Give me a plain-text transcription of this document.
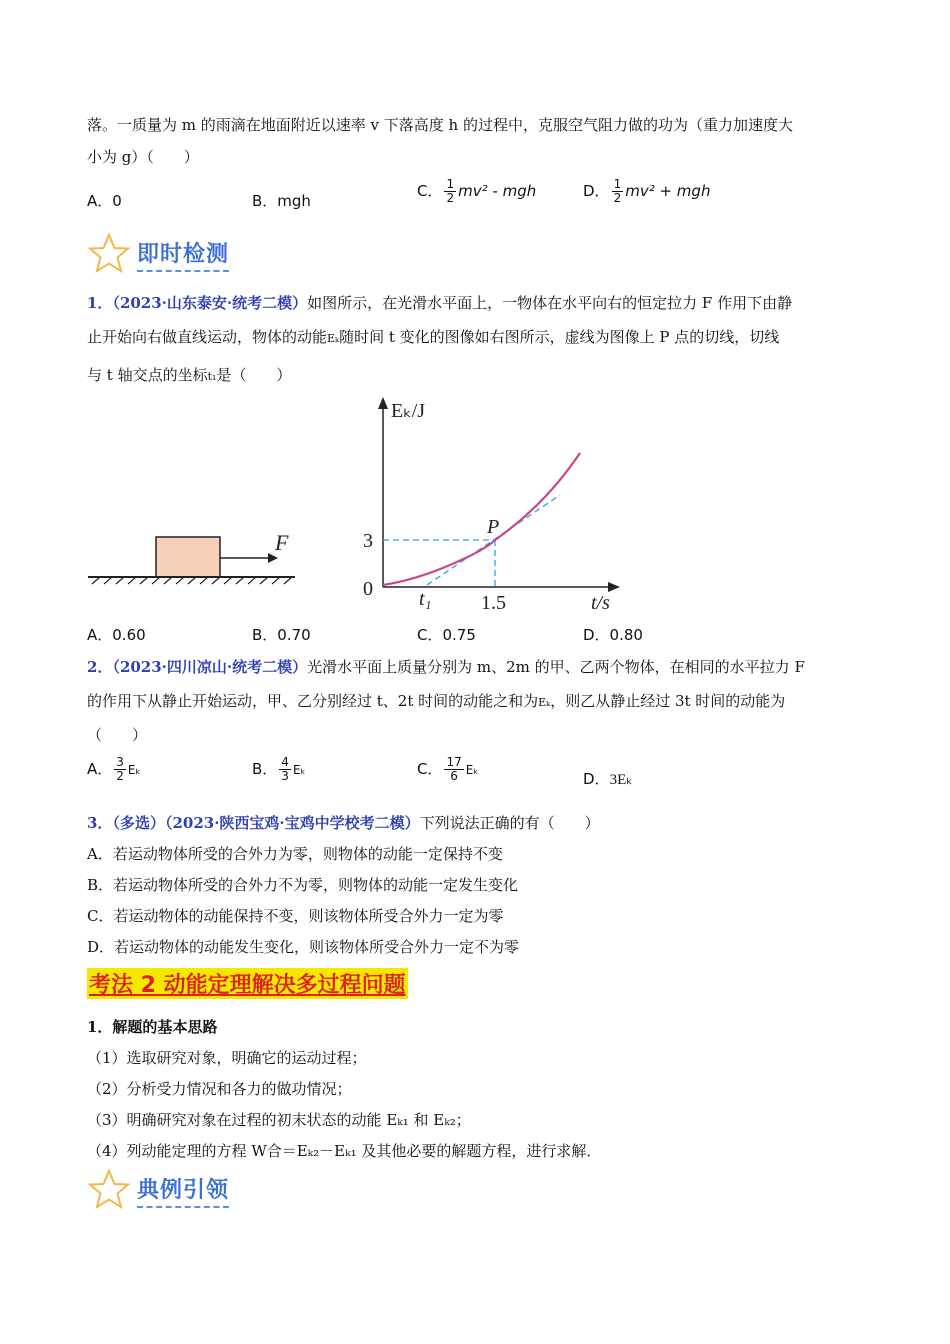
落。一质量为 m 的雨滴在地面附近以速率 v 下落高度 h 的过程中，克服空气阻力做的功为（重力加速度大
小为 g）（　　）
A．0	B．mgh
C． $\frac{1}{2} mv^2$ - mgh	D． $\frac{1}{2} mv^2$ + mgh
即时检测
1．（2023·山东泰安·统考二模）如图所示，在光滑水平面上，一物体在水平向右的恒定拉力 F 作用下由静
止开始向右做直线运动，物体的动能Eₖ随时间 t 变化的图像如右图所示，虚线为图像上 P 点的切线，切线
与 t 轴交点的坐标t₁是（　　）
F
Eₖ/J
t/s
0
3
1.5
t₁
P
A．0.60	B．0.70	C．0.75	D．0.80
2．（2023·四川凉山·统考二模）光滑水平面上质量分别为 m、2m 的甲、乙两个物体，在相同的水平拉力 F
的作用下从静止开始运动，甲、乙分别经过 t、2t 时间的动能之和为Eₖ，则乙从静止经过 3t 时间的动能为
（　　）
A． $\frac{3}{2}$ Eₖ	B． $\frac{4}{3}$ Eₖ	C． $\frac{17}{6}$ Eₖ	D．3Eₖ
3．（多选）（2023·陕西宝鸡·宝鸡中学校考二模）下列说法正确的有（　　）
A．若运动物体所受的合外力为零，则物体的动能一定保持不变
B．若运动物体所受的合外力不为零，则物体的动能一定发生变化
C．若运动物体的动能保持不变，则该物体所受合外力一定为零
D．若运动物体的动能发生变化，则该物体所受合外力一定不为零
考法 2 动能定理解决多过程问题
1．解题的基本思路
（1）选取研究对象，明确它的运动过程；
（2）分析受力情况和各力的做功情况；
（3）明确研究对象在过程的初末状态的动能 Eₖ₁ 和 Eₖ₂；
（4）列动能定理的方程 W合＝Eₖ₂－Eₖ₁ 及其他必要的解题方程，进行求解．
典例引领
